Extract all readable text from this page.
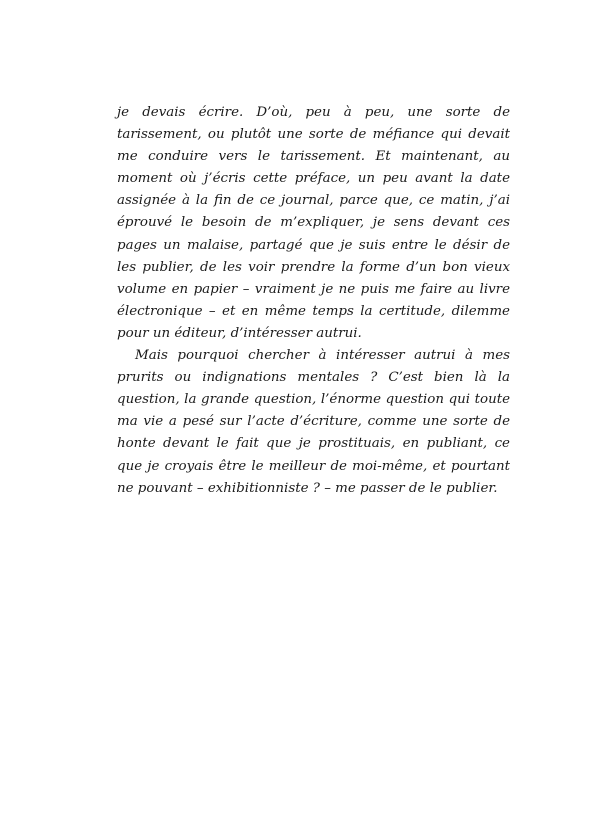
je devais écrire. D’où, peu à peu, une sorte de tarissement, ou plutôt une sorte de méfiance qui devait me conduire vers le tarissement. Et maintenant, au moment où j’écris cette préface, un peu avant la date assignée à la fin de ce journal, parce que, ce matin, j’ai éprouvé le besoin de m’expliquer, je sens devant ces pages un malaise, partagé que je suis entre le désir de les publier, de les voir prendre la forme d’un bon vieux volume en papier – vraiment je ne puis me faire au livre électronique – et en même temps la certitude, dilemme pour un éditeur, d’intéresser autrui.

Mais pourquoi chercher à intéresser autrui à mes prurits ou indignations mentales ? C’est bien là la question, la grande question, l’énorme question qui toute ma vie a pesé sur l’acte d’écriture, comme une sorte de honte devant le fait que je prostituais, en publiant, ce que je croyais être le meilleur de moi-même, et pourtant ne pouvant – exhibitionniste ? – me passer de le publier.
